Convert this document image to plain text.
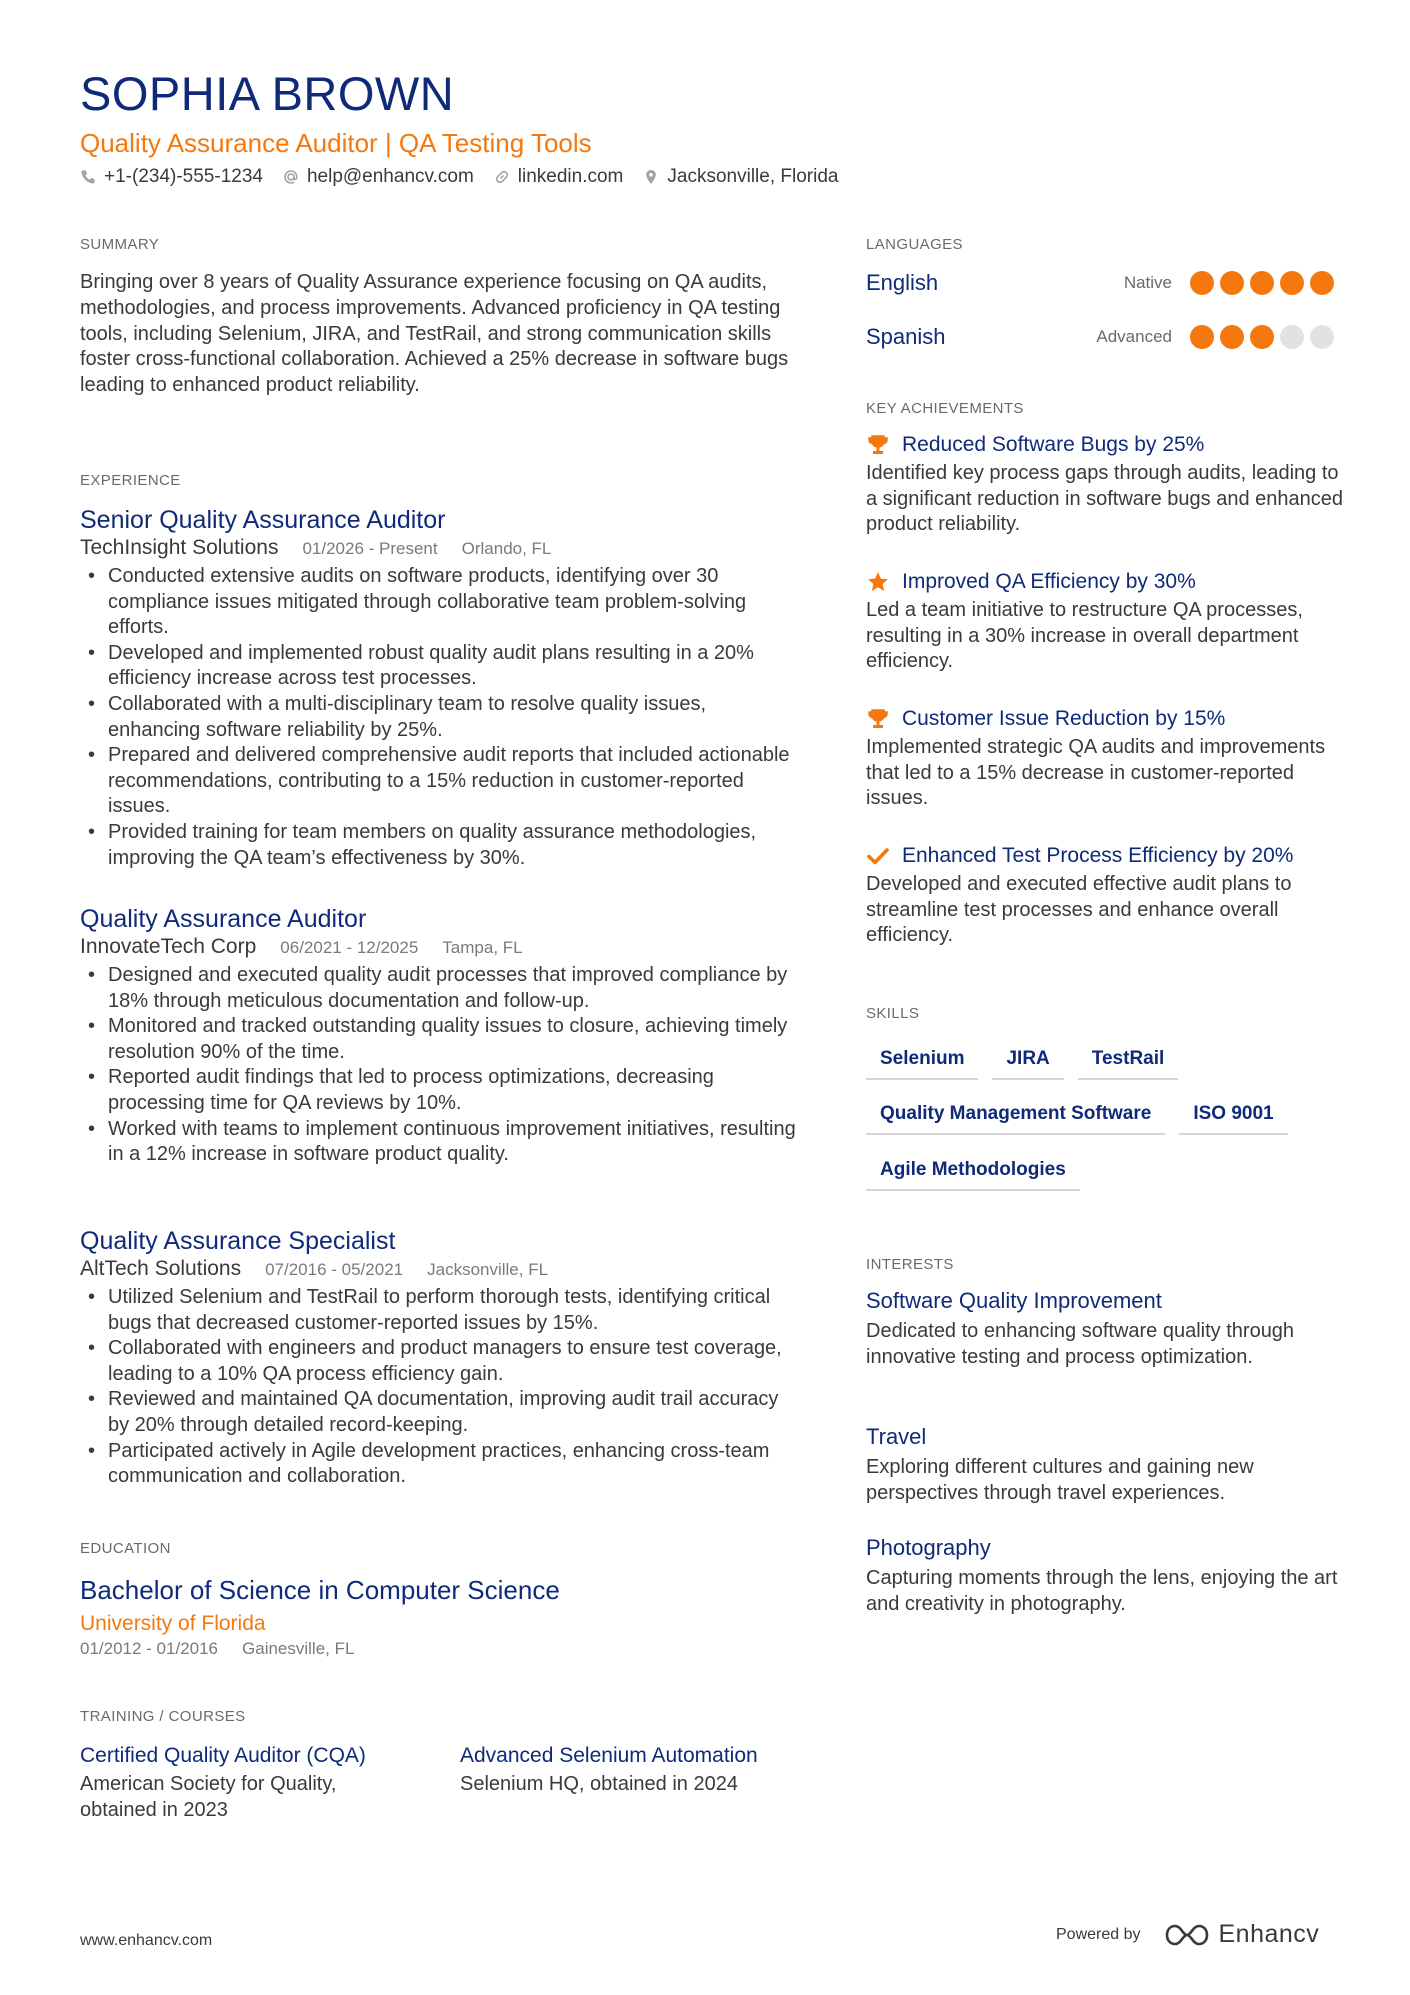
SOPHIA BROWN
Quality Assurance Auditor | QA Testing Tools
+1-(234)-555-1234 help@enhancv.com linkedin.com Jacksonville, Florida
SUMMARY
Bringing over 8 years of Quality Assurance experience focusing on QA audits, methodologies, and process improvements. Advanced proficiency in QA testing tools, including Selenium, JIRA, and TestRail, and strong communication skills foster cross-functional collaboration. Achieved a 25% decrease in software bugs leading to enhanced product reliability.
EXPERIENCE
Senior Quality Assurance Auditor
TechInsight Solutions 01/2026 - Present Orlando, FL
• Conducted extensive audits on software products, identifying over 30 compliance issues mitigated through collaborative team problem-solving efforts.
• Developed and implemented robust quality audit plans resulting in a 20% efficiency increase across test processes.
• Collaborated with a multi-disciplinary team to resolve quality issues, enhancing software reliability by 25%.
• Prepared and delivered comprehensive audit reports that included actionable recommendations, contributing to a 15% reduction in customer-reported issues.
• Provided training for team members on quality assurance methodologies, improving the QA team’s effectiveness by 30%.
Quality Assurance Auditor
InnovateTech Corp 06/2021 - 12/2025 Tampa, FL
• Designed and executed quality audit processes that improved compliance by 18% through meticulous documentation and follow-up.
• Monitored and tracked outstanding quality issues to closure, achieving timely resolution 90% of the time.
• Reported audit findings that led to process optimizations, decreasing processing time for QA reviews by 10%.
• Worked with teams to implement continuous improvement initiatives, resulting in a 12% increase in software product quality.
Quality Assurance Specialist
AltTech Solutions 07/2016 - 05/2021 Jacksonville, FL
• Utilized Selenium and TestRail to perform thorough tests, identifying critical bugs that decreased customer-reported issues by 15%.
• Collaborated with engineers and product managers to ensure test coverage, leading to a 10% QA process efficiency gain.
• Reviewed and maintained QA documentation, improving audit trail accuracy by 20% through detailed record-keeping.
• Participated actively in Agile development practices, enhancing cross-team communication and collaboration.
EDUCATION
Bachelor of Science in Computer Science
University of Florida
01/2012 - 01/2016 Gainesville, FL
TRAINING / COURSES
Certified Quality Auditor (CQA)
American Society for Quality, obtained in 2023
Advanced Selenium Automation
Selenium HQ, obtained in 2024
LANGUAGES
English	Native
Spanish	Advanced
KEY ACHIEVEMENTS
Reduced Software Bugs by 25%
Identified key process gaps through audits, leading to a significant reduction in software bugs and enhanced product reliability.
Improved QA Efficiency by 30%
Led a team initiative to restructure QA processes, resulting in a 30% increase in overall department efficiency.
Customer Issue Reduction by 15%
Implemented strategic QA audits and improvements that led to a 15% decrease in customer-reported issues.
Enhanced Test Process Efficiency by 20%
Developed and executed effective audit plans to streamline test processes and enhance overall efficiency.
SKILLS
Selenium	JIRA	TestRail
Quality Management Software	ISO 9001
Agile Methodologies
INTERESTS
Software Quality Improvement
Dedicated to enhancing software quality through innovative testing and process optimization.
Travel
Exploring different cultures and gaining new perspectives through travel experiences.
Photography
Capturing moments through the lens, enjoying the art and creativity in photography.
www.enhancv.com	Powered by	Enhancv
